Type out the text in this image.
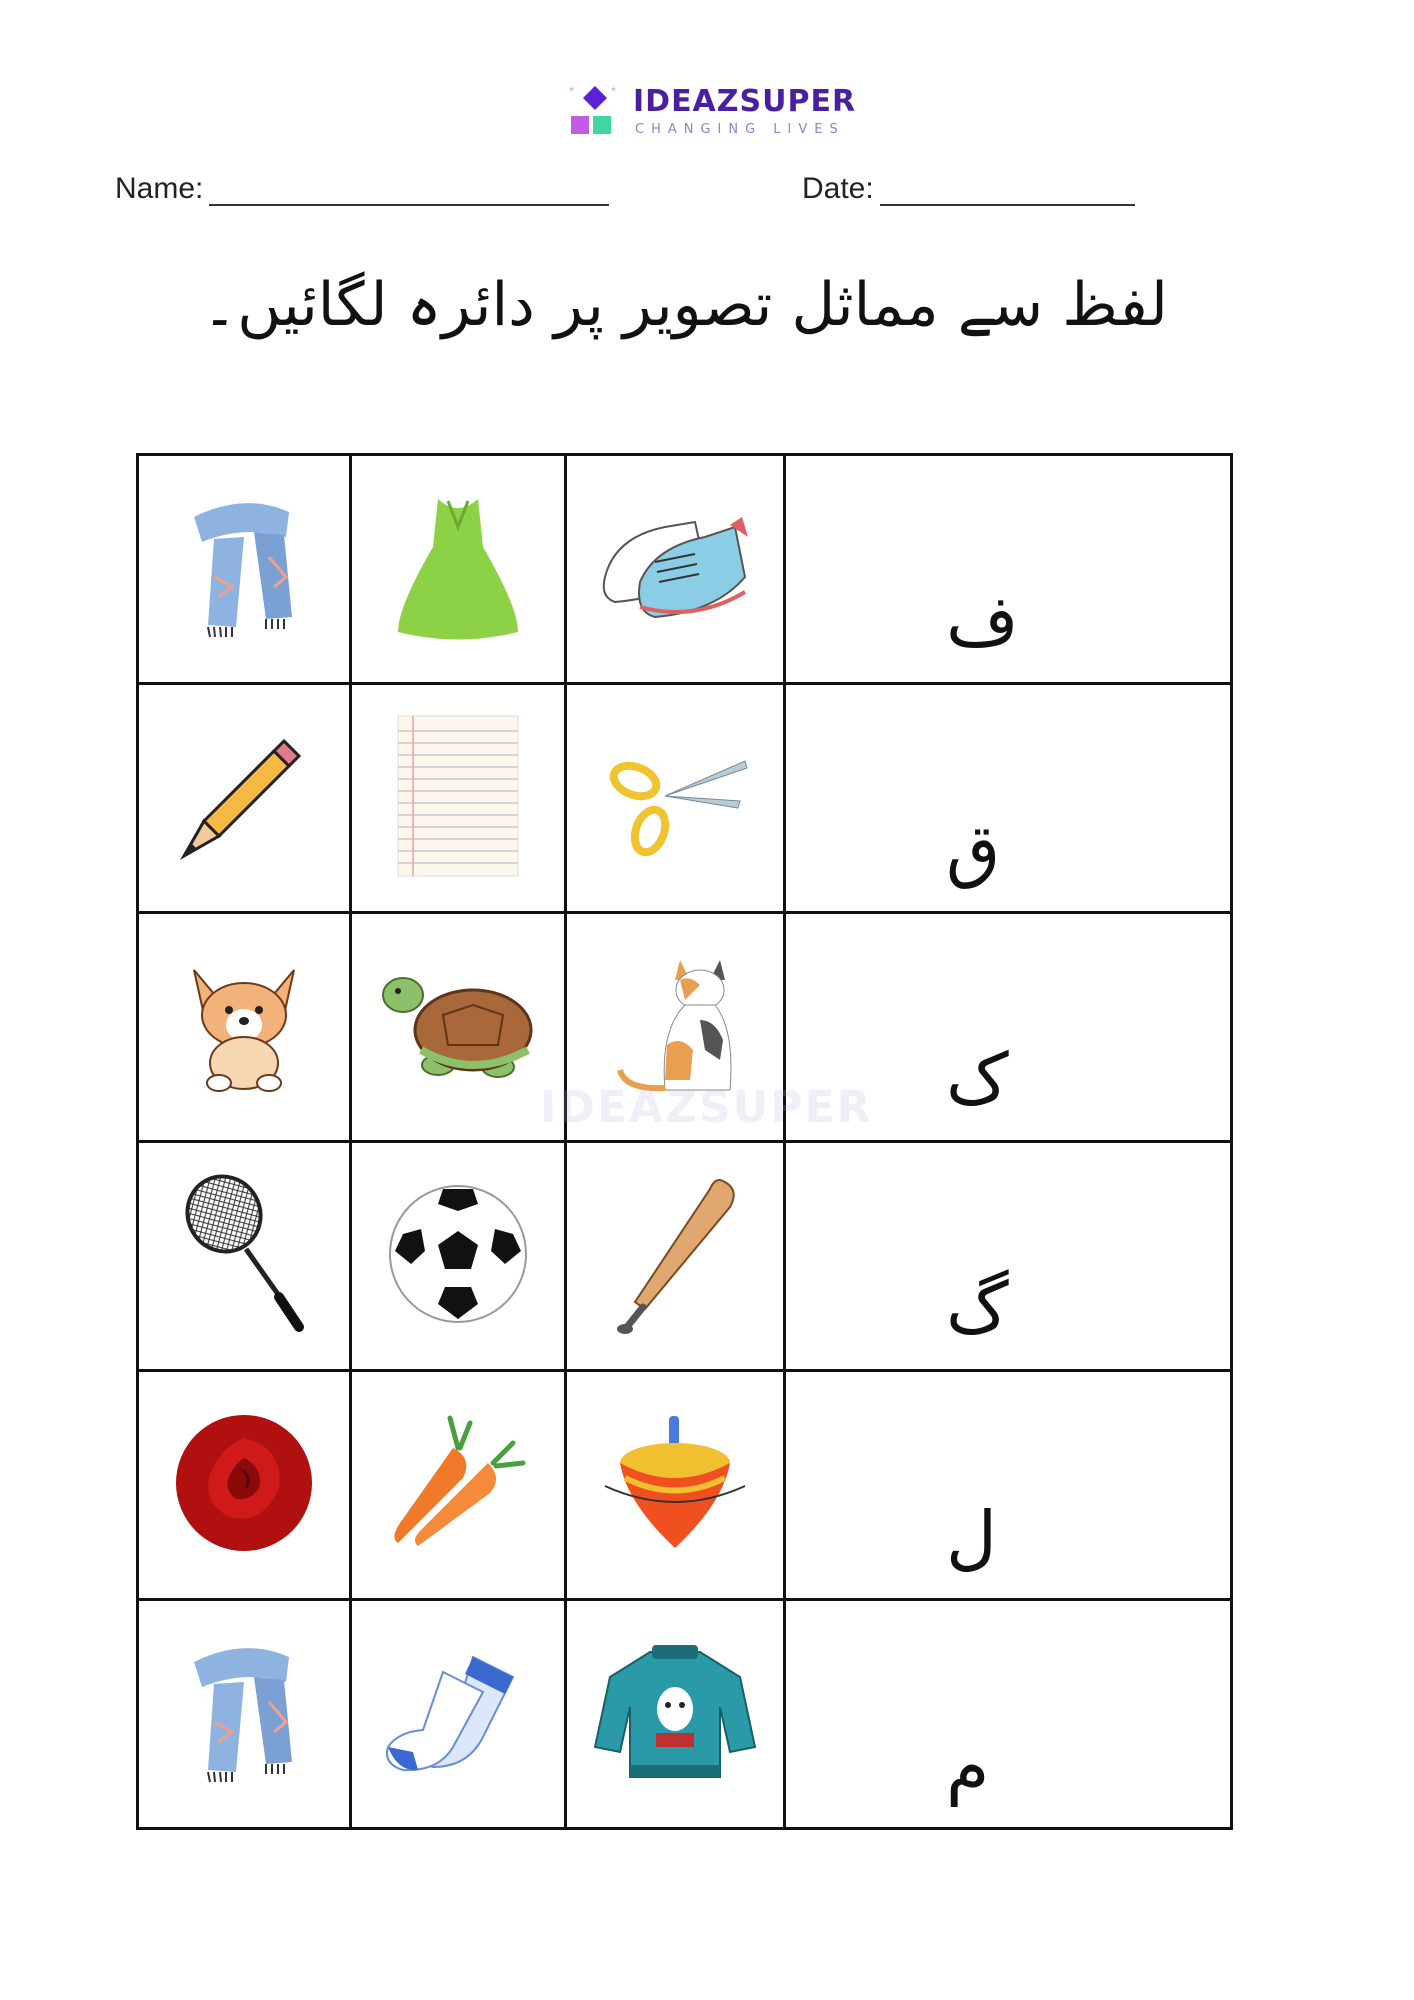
*	* IDEAZSUPER
CHANGING LIVES
Name:	Date:
لفظ سے مماثل تصویر پر دائرہ لگائیں۔

ف

ق

ک

گ

ل

م
IDEAZSUPER
